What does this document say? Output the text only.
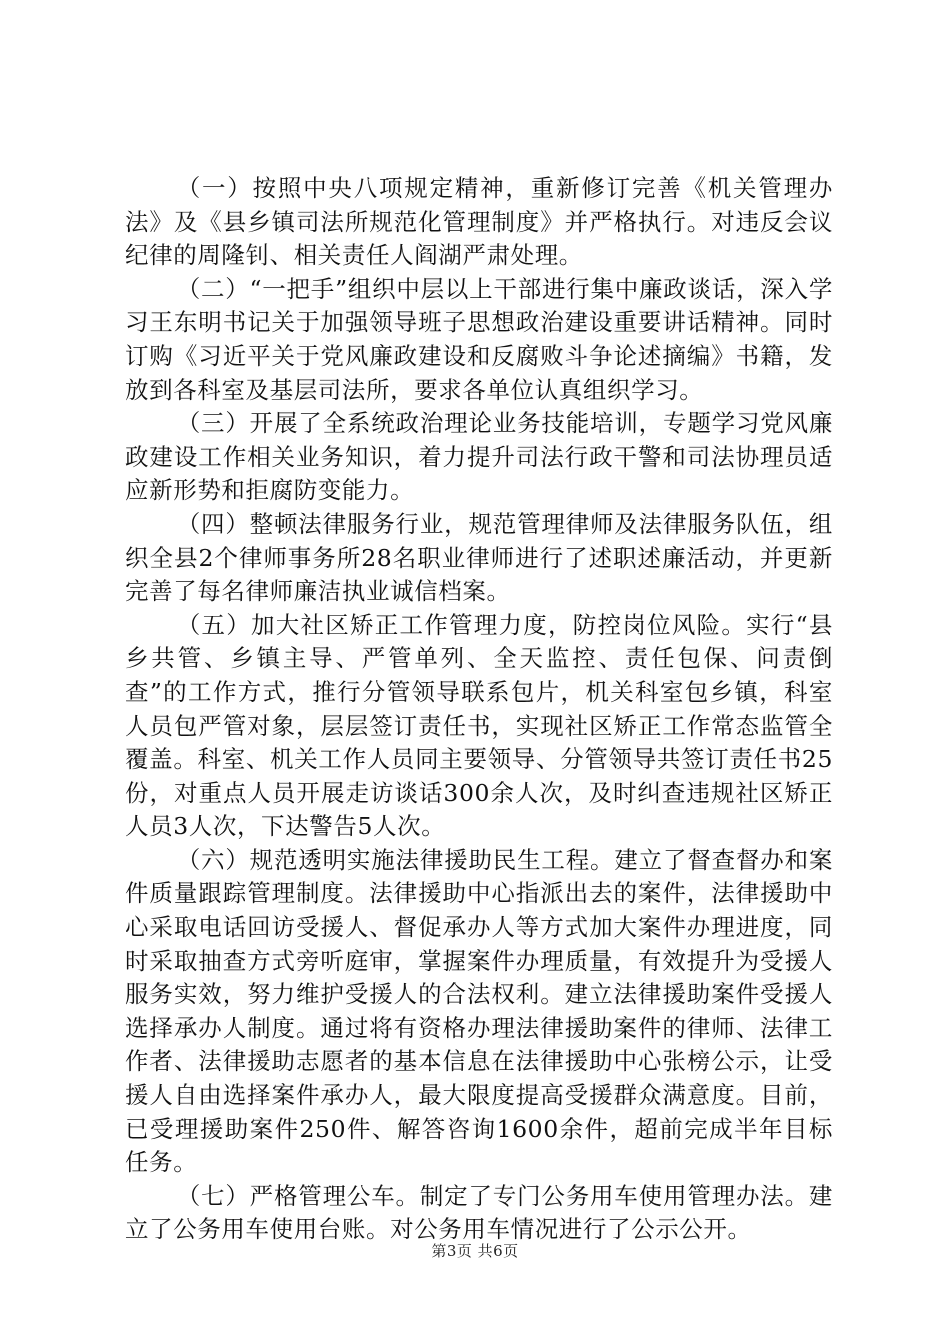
（一）按照中央八项规定精神，重新修订完善《机关管理办法》及《县乡镇司法所规范化管理制度》并严格执行。对违反会议纪律的周隆钊、相关责任人阎湖严肃处理。

（二）“一把手”组织中层以上干部进行集中廉政谈话，深入学习王东明书记关于加强领导班子思想政治建设重要讲话精神。同时订购《习近平关于党风廉政建设和反腐败斗争论述摘编》书籍，发放到各科室及基层司法所，要求各单位认真组织学习。

（三）开展了全系统政治理论业务技能培训，专题学习党风廉政建设工作相关业务知识，着力提升司法行政干警和司法协理员适应新形势和拒腐防变能力。

（四）整顿法律服务行业，规范管理律师及法律服务队伍，组织全县2个律师事务所28名职业律师进行了述职述廉活动，并更新完善了每名律师廉洁执业诚信档案。

（五）加大社区矫正工作管理力度，防控岗位风险。实行“县乡共管、乡镇主导、严管单列、全天监控、责任包保、问责倒查”的工作方式，推行分管领导联系包片，机关科室包乡镇，科室人员包严管对象，层层签订责任书，实现社区矫正工作常态监管全覆盖。科室、机关工作人员同主要领导、分管领导共签订责任书25份，对重点人员开展走访谈话300余人次，及时纠查违规社区矫正人员3人次，下达警告5人次。

（六）规范透明实施法律援助民生工程。建立了督查督办和案件质量跟踪管理制度。法律援助中心指派出去的案件，法律援助中心采取电话回访受援人、督促承办人等方式加大案件办理进度，同时采取抽查方式旁听庭审，掌握案件办理质量，有效提升为受援人服务实效，努力维护受援人的合法权利。建立法律援助案件受援人选择承办人制度。通过将有资格办理法律援助案件的律师、法律工作者、法律援助志愿者的基本信息在法律援助中心张榜公示，让受援人自由选择案件承办人，最大限度提高受援群众满意度。目前，已受理援助案件250件、解答咨询1600余件，超前完成半年目标任务。

（七）严格管理公车。制定了专门公务用车使用管理办法。建立了公务用车使用台账。对公务用车情况进行了公示公开。

第3页 共6页
